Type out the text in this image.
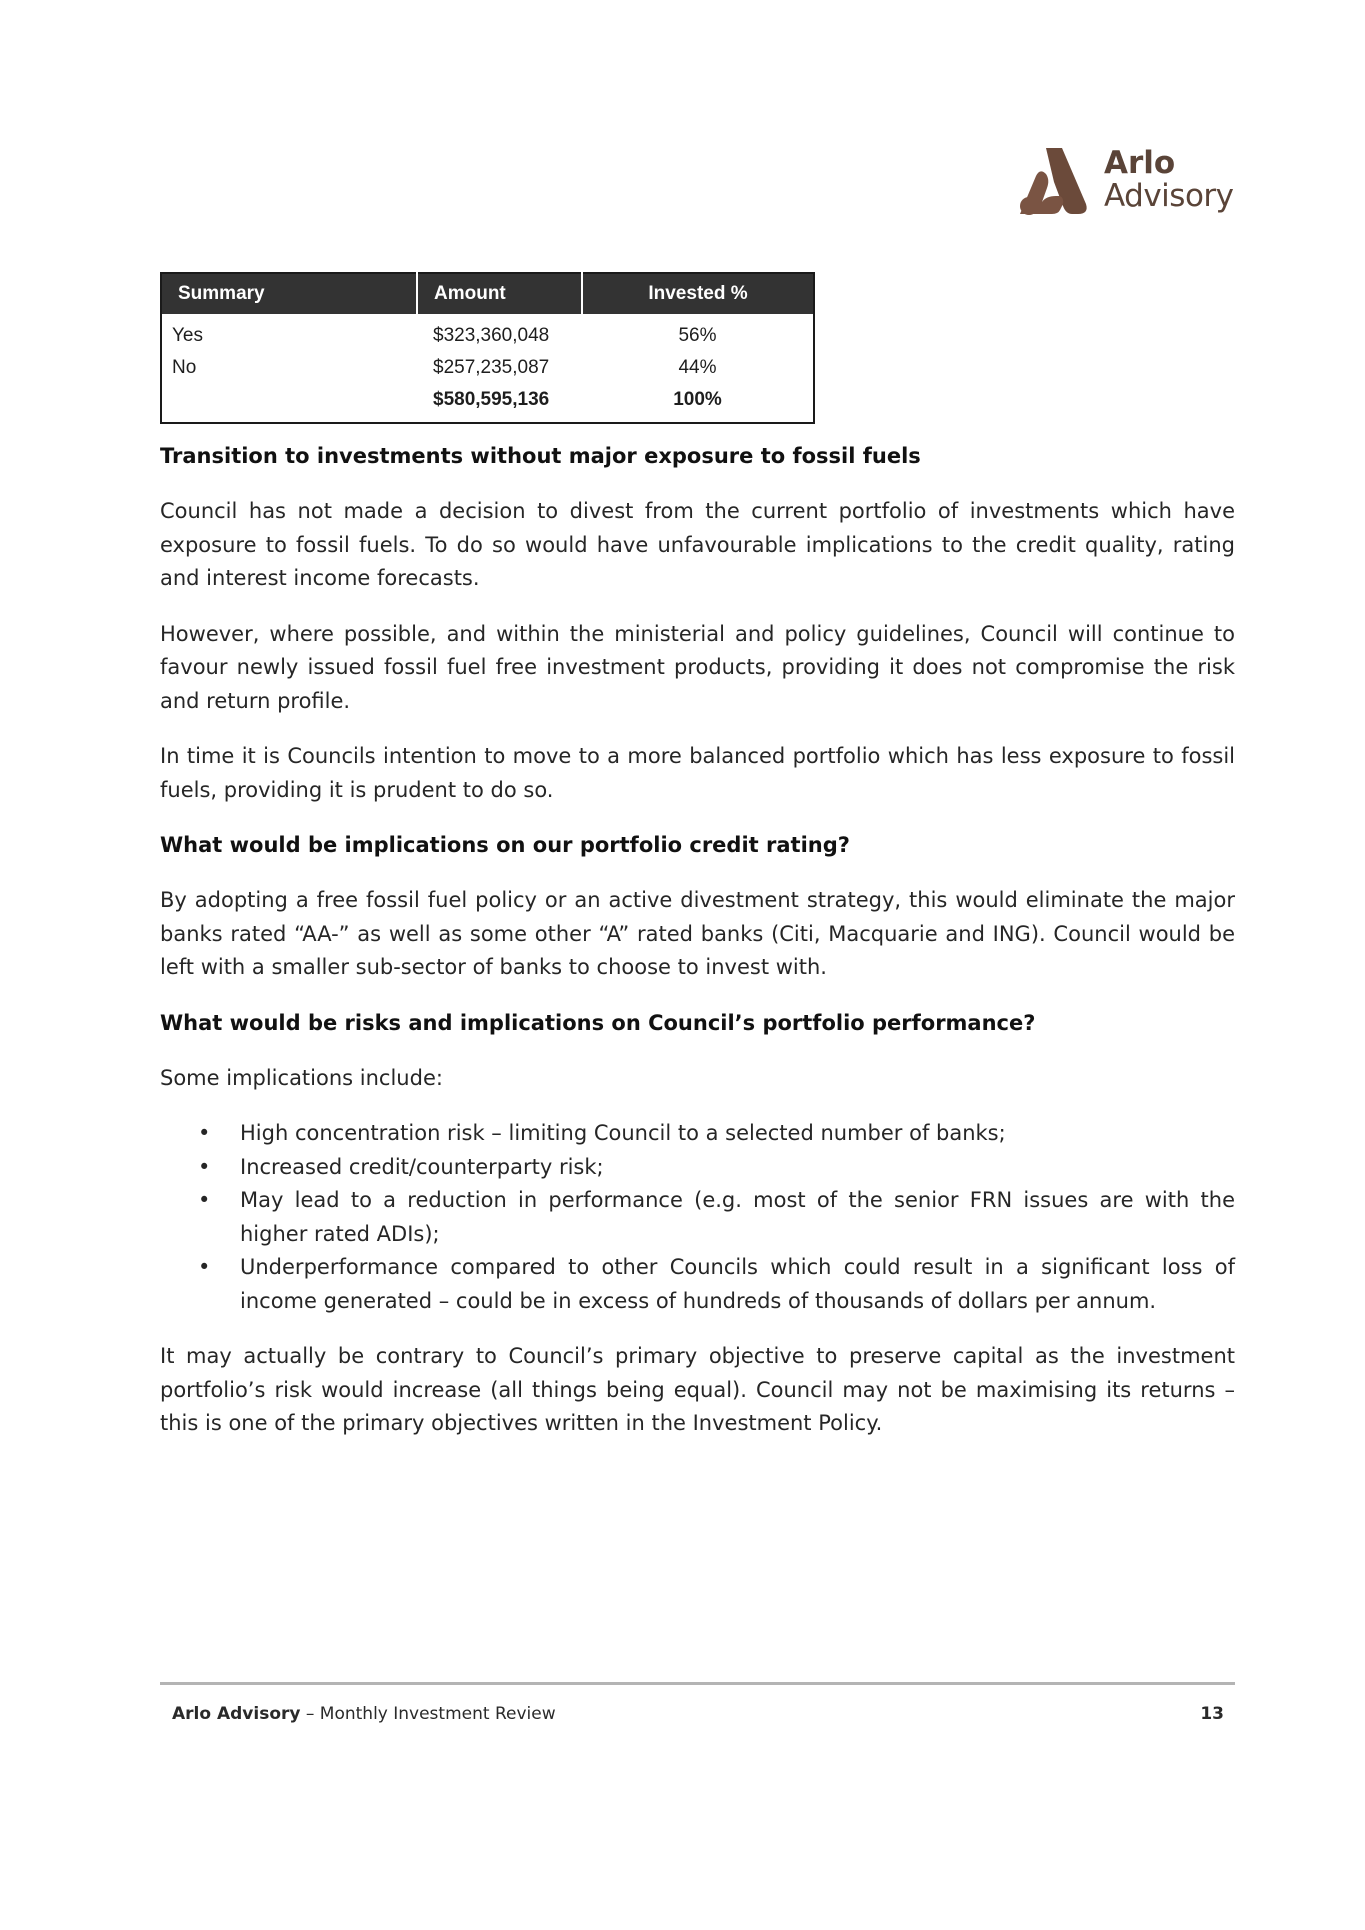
Arlo
Advisory
Summary	Amount	Invested %
Yes	$323,360,048	56%
No	$257,235,087	44%
	$580,595,136	100%
Transition to investments without major exposure to fossil fuels

Council has not made a decision to divest from the current portfolio of investments which have exposure to fossil fuels. To do so would have unfavourable implications to the credit quality, rating and interest income forecasts.

However, where possible, and within the ministerial and policy guidelines, Council will continue to favour newly issued fossil fuel free investment products, providing it does not compromise the risk and return profile.

In time it is Councils intention to move to a more balanced portfolio which has less exposure to fossil fuels, providing it is prudent to do so.

What would be implications on our portfolio credit rating?

By adopting a free fossil fuel policy or an active divestment strategy, this would eliminate the major banks rated “AA-” as well as some other “A” rated banks (Citi, Macquarie and ING). Council would be left with a smaller sub-sector of banks to choose to invest with.

What would be risks and implications on Council’s portfolio performance?

Some implications include:

• High concentration risk – limiting Council to a selected number of banks;
• Increased credit/counterparty risk;
• May lead to a reduction in performance (e.g. most of the senior FRN issues are with the higher rated ADIs);
• Underperformance compared to other Councils which could result in a significant loss of income generated – could be in excess of hundreds of thousands of dollars per annum.

It may actually be contrary to Council’s primary objective to preserve capital as the investment portfolio’s risk would increase (all things being equal). Council may not be maximising its returns – this is one of the primary objectives written in the Investment Policy.

Arlo Advisory – Monthly Investment Review	13
